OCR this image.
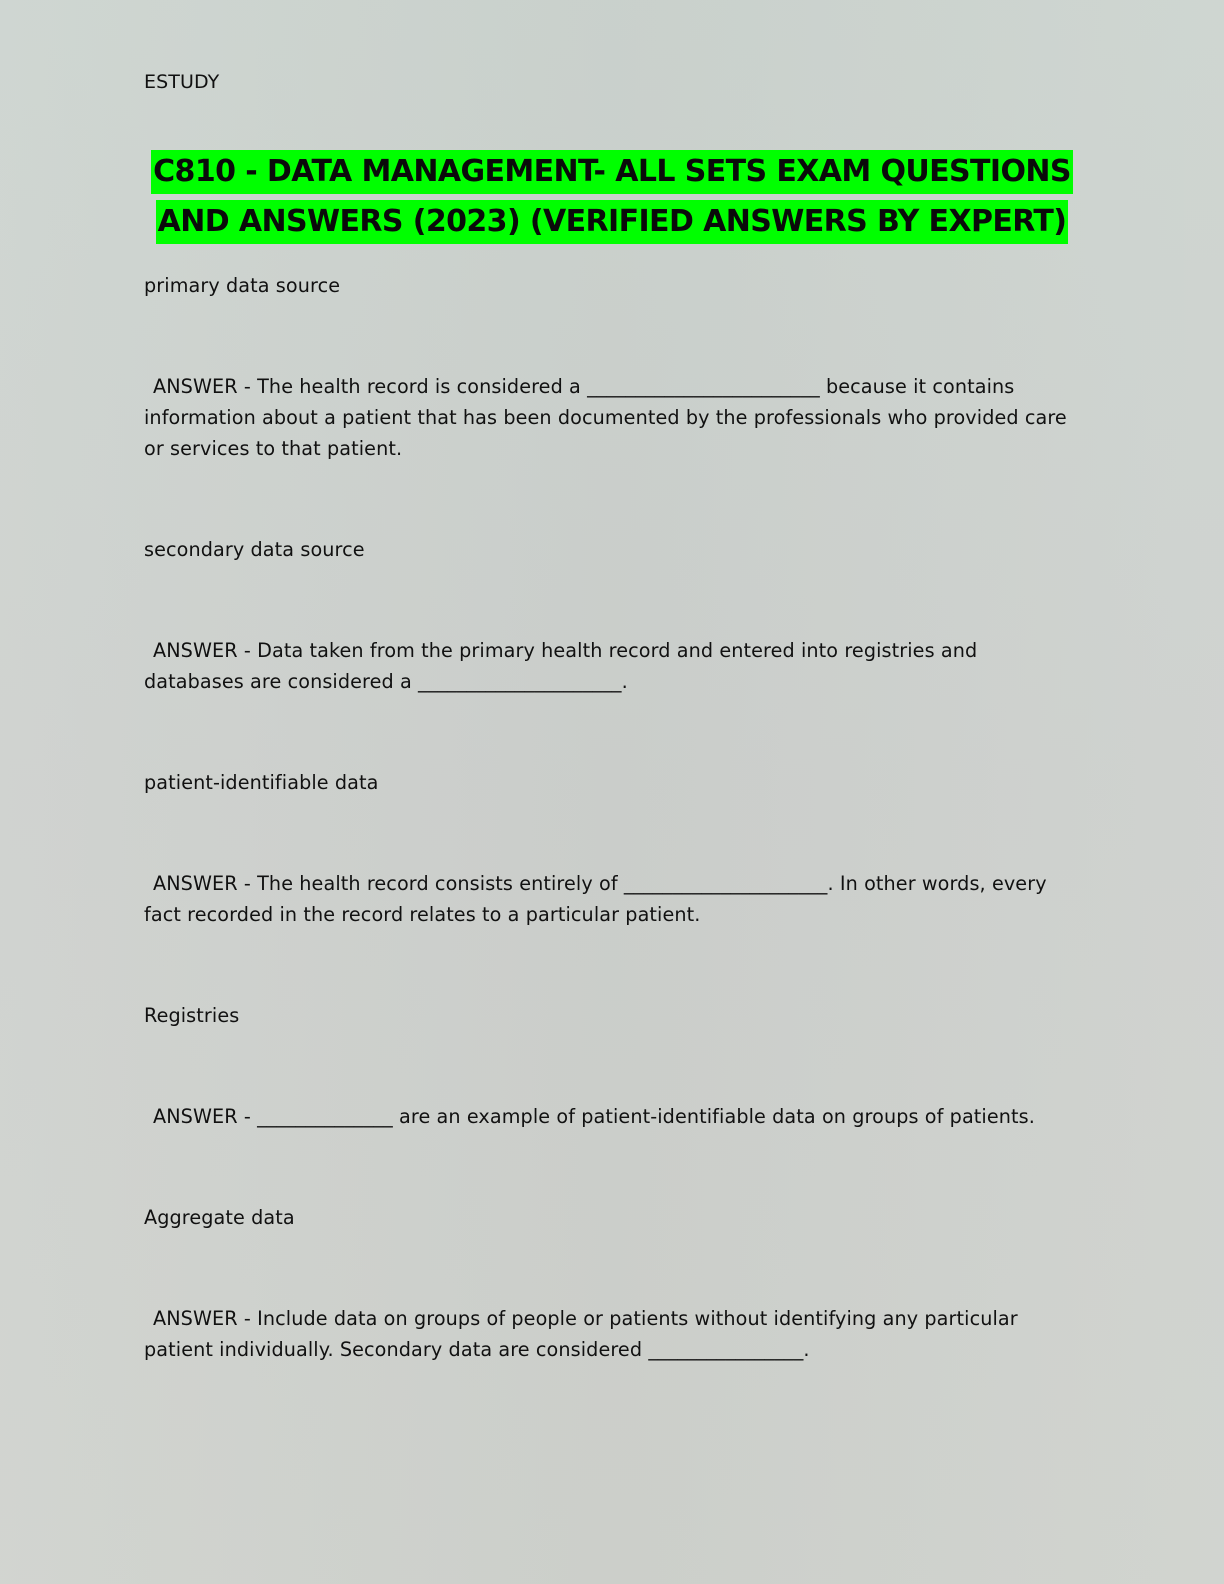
ESTUDY
C810 - DATA MANAGEMENT- ALL SETS EXAM QUESTIONS
AND ANSWERS (2023) (VERIFIED ANSWERS BY EXPERT)

primary data source

ANSWER - The health record is considered a ________________________ because it contains information about a patient that has been documented by the professionals who provided care or services to that patient.

secondary data source

ANSWER - Data taken from the primary health record and entered into registries and databases are considered a _____________________.

patient-identifiable data

ANSWER - The health record consists entirely of _____________________. In other words, every fact recorded in the record relates to a particular patient.

Registries

ANSWER - ______________ are an example of patient-identifiable data on groups of patients.

Aggregate data

ANSWER - Include data on groups of people or patients without identifying any particular patient individually. Secondary data are considered ________________.
